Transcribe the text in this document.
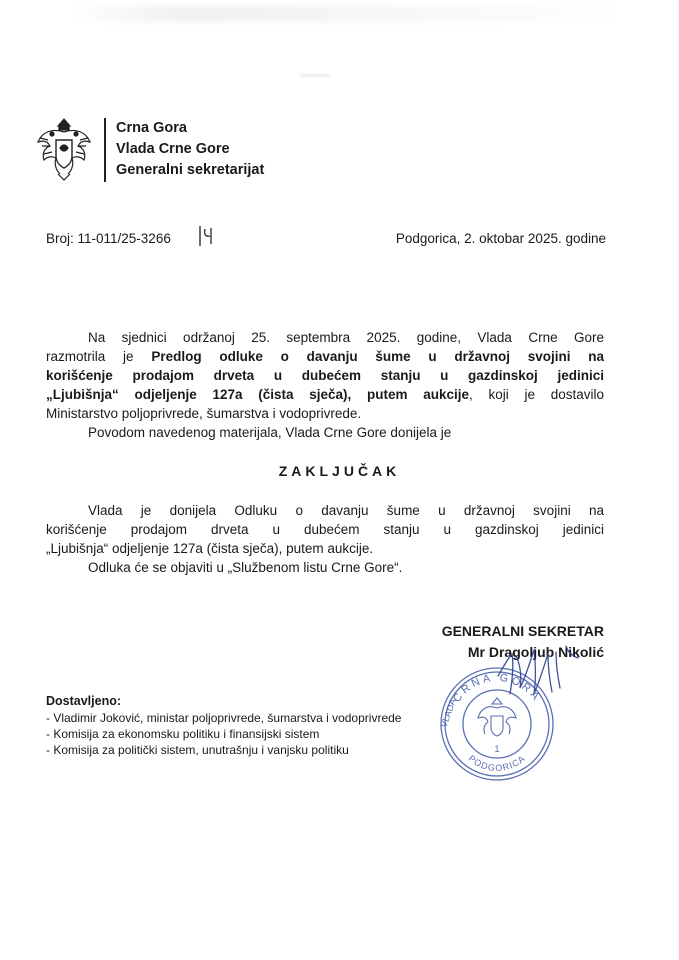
Crna Gora
Vlada Crne Gore
Generalni sekretarijat
Broj: 11-011/25-3266	Podgorica, 2. oktobar 2025. godine
Na sjednici održanoj 25. septembra 2025. godine, Vlada Crne Gore
razmotrila je Predlog odluke o davanju šume u državnoj svojini na
korišćenje prodajom drveta u dubećem stanju u gazdinskoj jedinici
„Ljubišnja“ odjeljenje 127a (čista sječa), putem aukcije, koji je dostavilo
Ministarstvo poljoprivrede, šumarstva i vodoprivrede.
Povodom navedenog materijala, Vlada Crne Gore donijela je
ZAKLJUČAK
Vlada je donijela Odluku o davanju šume u državnoj svojini na
korišćenje prodajom drveta u dubećem stanju u gazdinskoj jedinici
„Ljubišnja“ odjeljenje 127a (čista sječa), putem aukcije.
Odluka će se objaviti u „Službenom listu Crne Gore“.
CRNA GORA
PODGORICA
VLADA
1
GENERALNI SEKRETAR
Mr Dragoljub Nikolić
Dostavljeno:
- Vladimir Joković, ministar poljoprivrede, šumarstva i vodoprivrede
- Komisija za ekonomsku politiku i finansijski sistem
- Komisija za politički sistem, unutrašnju i vanjsku politiku
